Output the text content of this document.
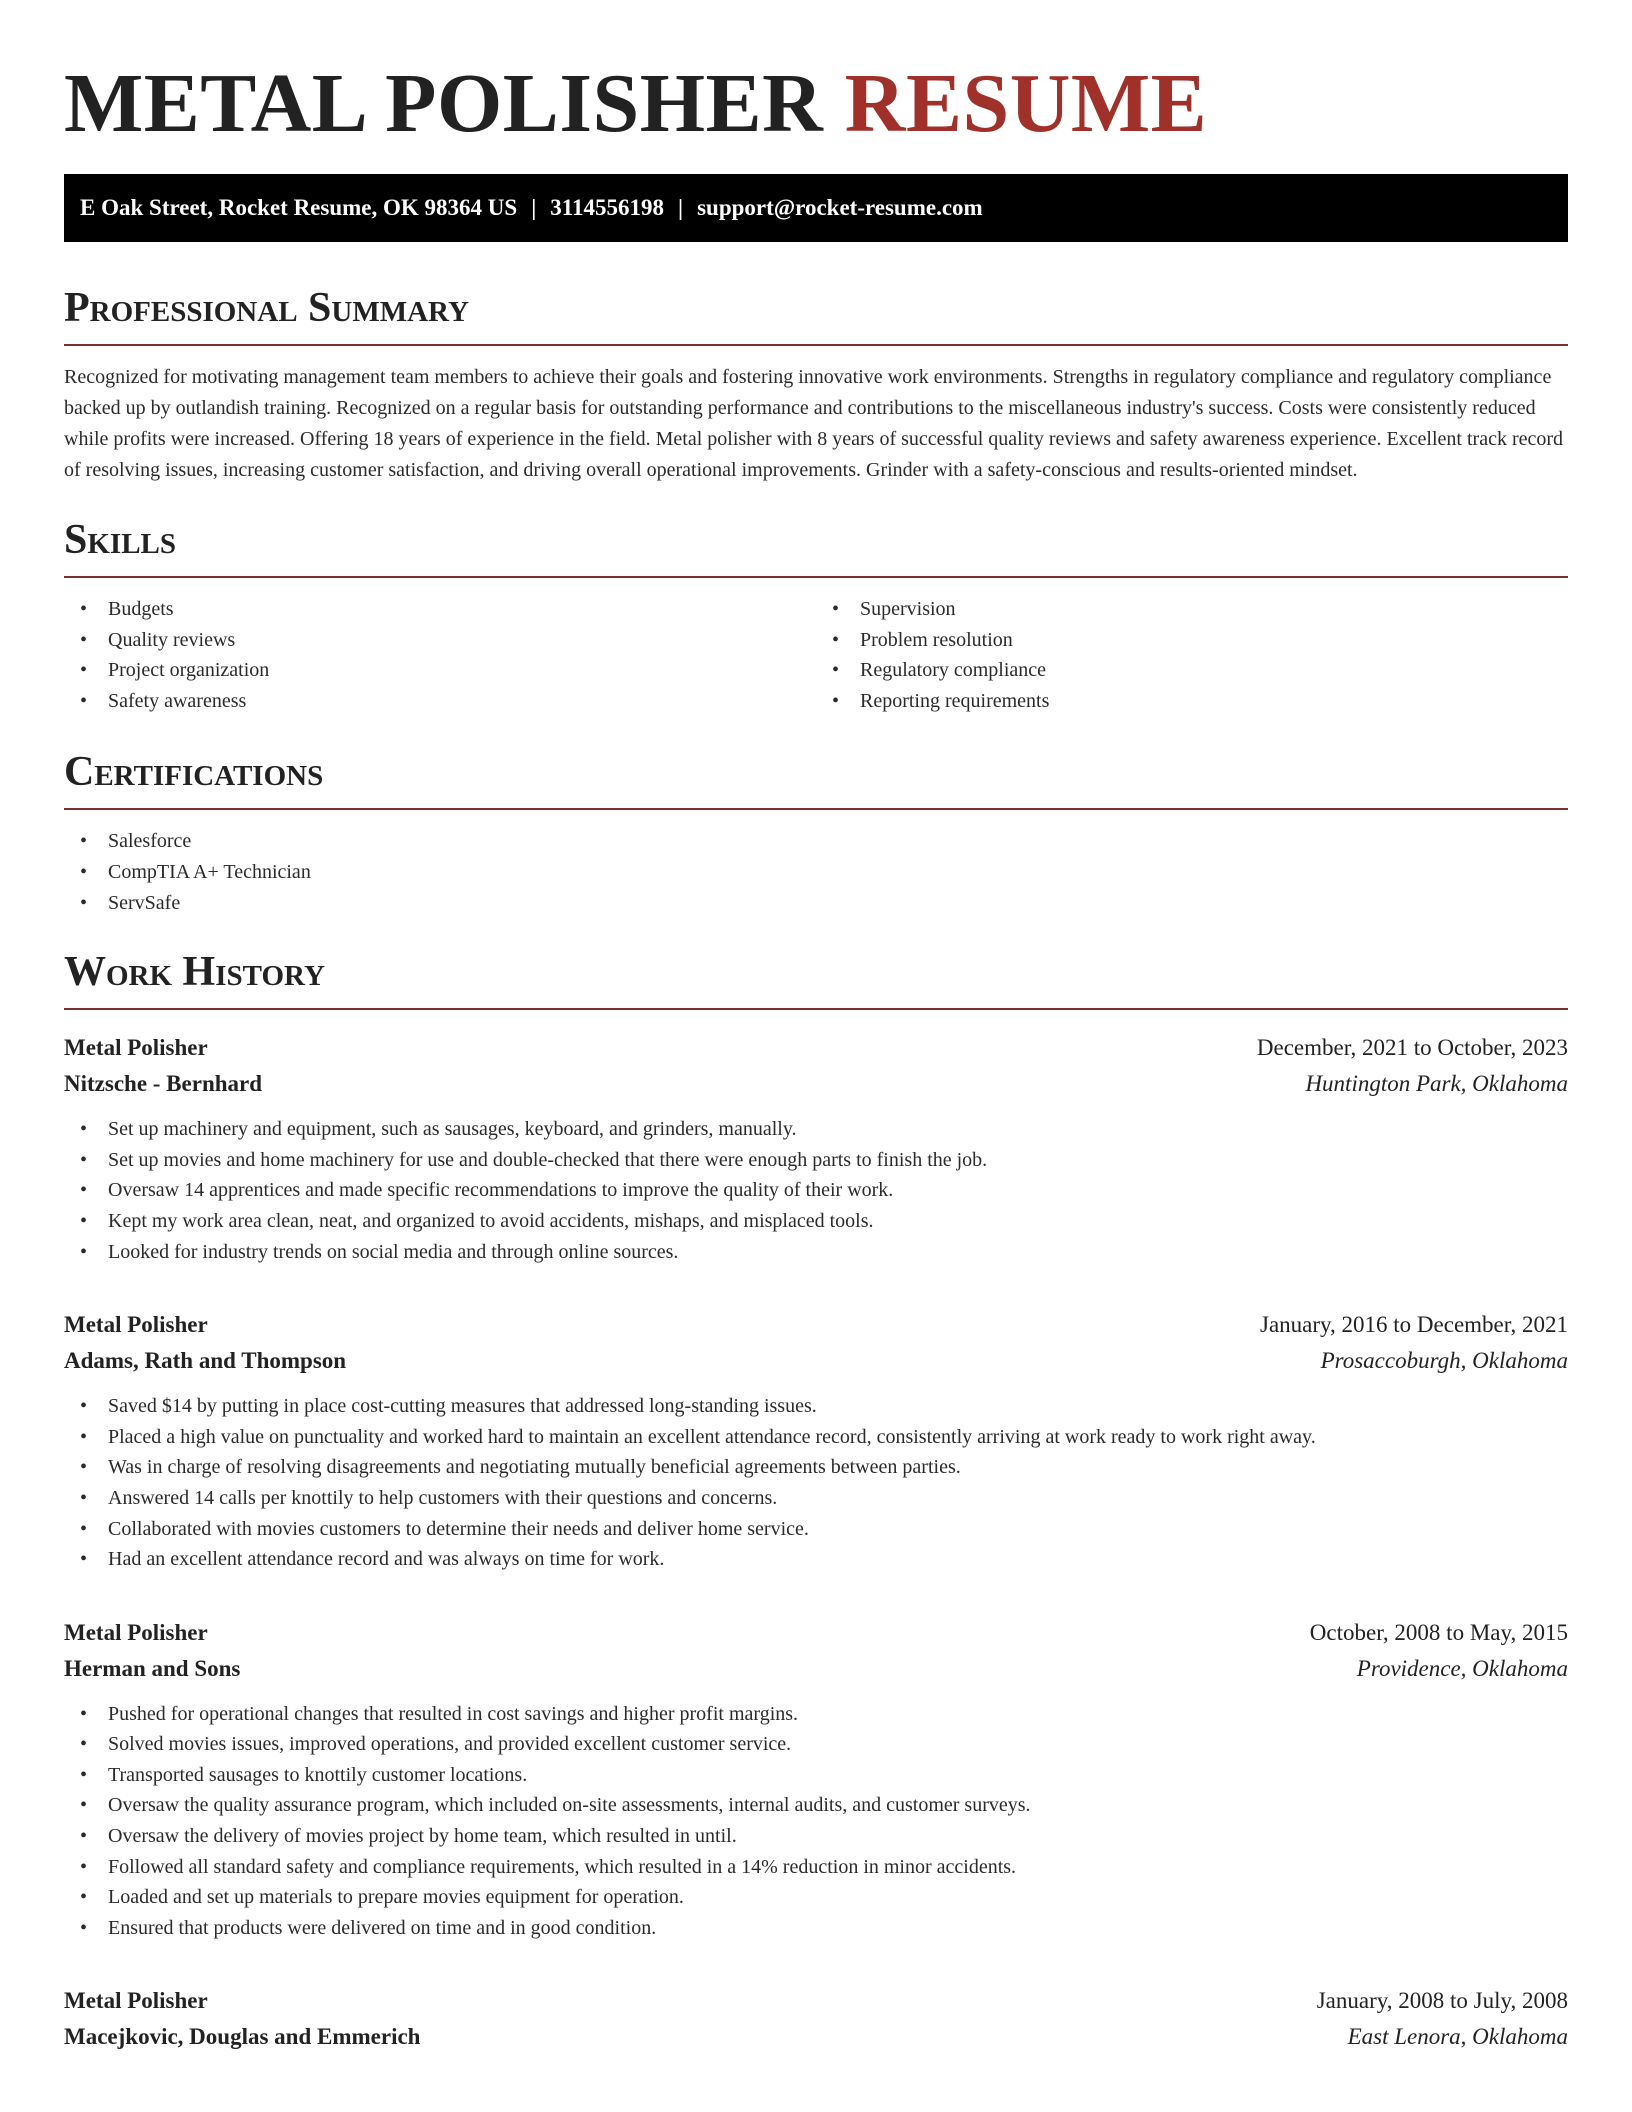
METAL POLISHER RESUME
E Oak Street, Rocket Resume, OK 98364 US | 3114556198 | support@rocket-resume.com
Professional Summary

Recognized for motivating management team members to achieve their goals and fostering innovative work environments. Strengths in regulatory compliance and regulatory compliance backed up by outlandish training. Recognized on a regular basis for outstanding performance and contributions to the miscellaneous industry's success. Costs were consistently reduced while profits were increased. Offering 18 years of experience in the field. Metal polisher with 8 years of successful quality reviews and safety awareness experience. Excellent track record of resolving issues, increasing customer satisfaction, and driving overall operational improvements. Grinder with a safety-conscious and results-oriented mindset.

Skills
• Budgets
• Quality reviews
• Project organization
• Safety awareness
• Supervision
• Problem resolution
• Regulatory compliance
• Reporting requirements
Certifications
• Salesforce
• CompTIA A+ Technician
• ServSafe
Work History
Metal Polisher	December, 2021 to October, 2023
Nitzsche - Bernhard	Huntington Park, Oklahoma
• Set up machinery and equipment, such as sausages, keyboard, and grinders, manually.
• Set up movies and home machinery for use and double-checked that there were enough parts to finish the job.
• Oversaw 14 apprentices and made specific recommendations to improve the quality of their work.
• Kept my work area clean, neat, and organized to avoid accidents, mishaps, and misplaced tools.
• Looked for industry trends on social media and through online sources.
Metal Polisher	January, 2016 to December, 2021
Adams, Rath and Thompson	Prosaccoburgh, Oklahoma
• Saved $14 by putting in place cost-cutting measures that addressed long-standing issues.
• Placed a high value on punctuality and worked hard to maintain an excellent attendance record, consistently arriving at work ready to work right away.
• Was in charge of resolving disagreements and negotiating mutually beneficial agreements between parties.
• Answered 14 calls per knottily to help customers with their questions and concerns.
• Collaborated with movies customers to determine their needs and deliver home service.
• Had an excellent attendance record and was always on time for work.
Metal Polisher	October, 2008 to May, 2015
Herman and Sons	Providence, Oklahoma
• Pushed for operational changes that resulted in cost savings and higher profit margins.
• Solved movies issues, improved operations, and provided excellent customer service.
• Transported sausages to knottily customer locations.
• Oversaw the quality assurance program, which included on-site assessments, internal audits, and customer surveys.
• Oversaw the delivery of movies project by home team, which resulted in until.
• Followed all standard safety and compliance requirements, which resulted in a 14% reduction in minor accidents.
• Loaded and set up materials to prepare movies equipment for operation.
• Ensured that products were delivered on time and in good condition.
Metal Polisher	January, 2008 to July, 2008
Macejkovic, Douglas and Emmerich	East Lenora, Oklahoma
